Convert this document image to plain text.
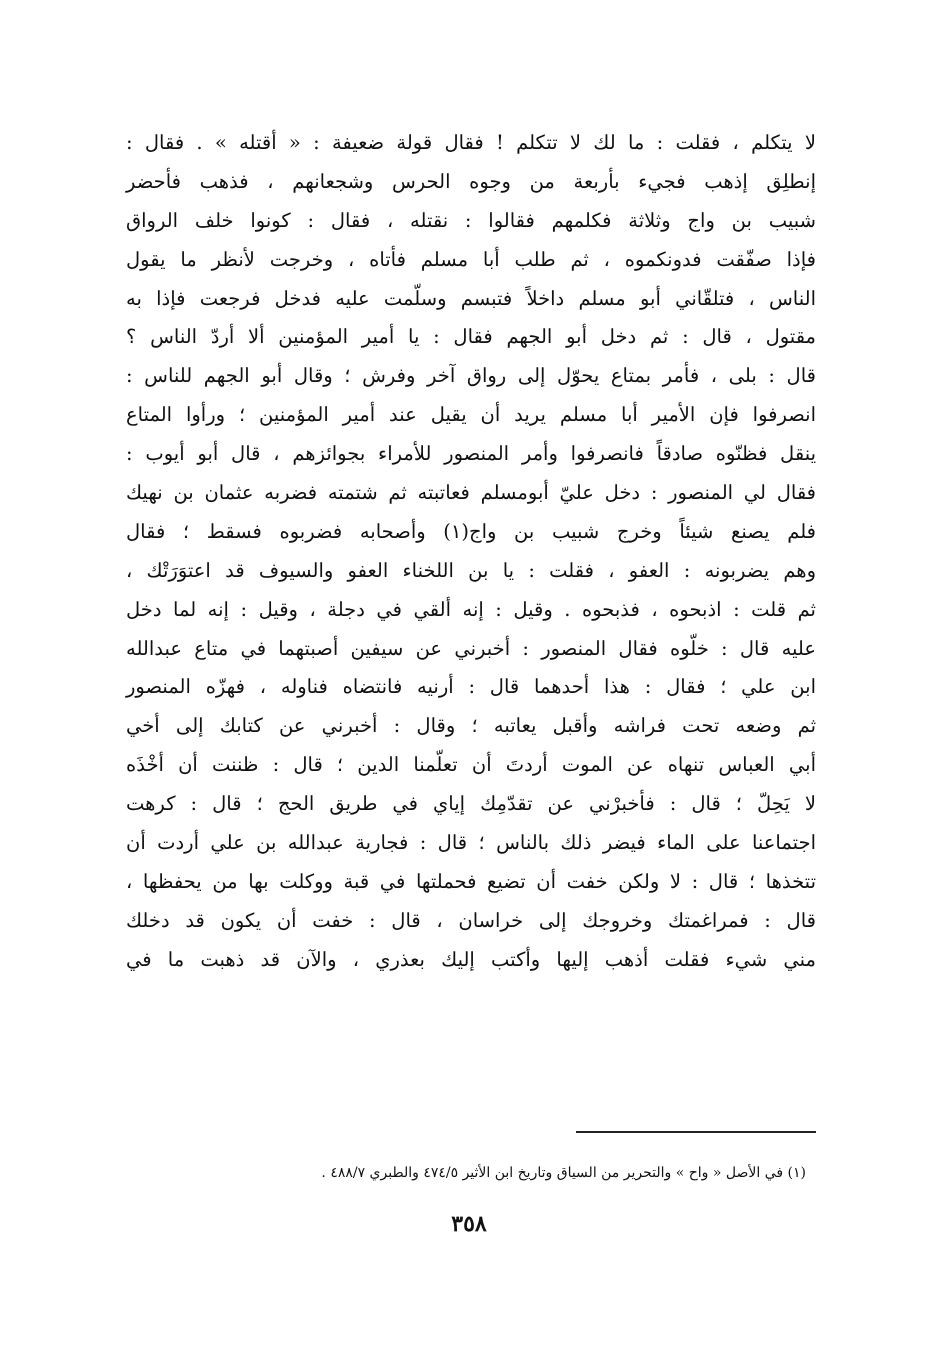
لا يتكلم ، فقلت : ما لك لا تتكلم ! فقال قولة ضعيفة : « أقتله » . فقال :
إنطلِق إذهب فجيء بأربعة من وجوه الحرس وشجعانهم ، فذهب فأحضر
شبيب بن واج وثلاثة فكلمهم فقالوا : نقتله ، فقال : كونوا خلف الرواق
فإذا صفّقت فدونكموه ، ثم طلب أبا مسلم فأتاه ، وخرجت لأنظر ما يقول
الناس ، فتلقّاني أبو مسلم داخلاً فتبسم وسلّمت عليه فدخل فرجعت فإذا به
مقتول ، قال : ثم دخل أبو الجهم فقال : يا أمير المؤمنين ألا أردّ الناس ؟
قال : بلى ، فأمر بمتاع يحوّل إلى رواق آخر وفرش ؛ وقال أبو الجهم للناس :
انصرفوا فإن الأمير أبا مسلم يريد أن يقيل عند أمير المؤمنين ؛ ورأوا المتاع
ينقل فظنّوه صادقاً فانصرفوا وأمر المنصور للأمراء بجوائزهم ، قال أبو أيوب :
فقال لي المنصور : دخل عليّ أبومسلم فعاتبته ثم شتمته فضربه عثمان بن نهيك
فلم يصنع شيئاً وخرج شبيب بن واج(١) وأصحابه فضربوه فسقط ؛ فقال
وهم يضربونه : العفو ، فقلت : يا بن اللخناء العفو والسيوف قد اعتوَرَتْك ،
ثم قلت : اذبحوه ، فذبحوه . وقيل : إنه ألقي في دجلة ، وقيل : إنه لما دخل
عليه قال : خلّوه فقال المنصور : أخبرني عن سيفين أصبتهما في متاع عبدالله
ابن علي ؛ فقال : هذا أحدهما قال : أرنيه فانتضاه فناوله ، فهزّه المنصور
ثم وضعه تحت فراشه وأقبل يعاتبه ؛ وقال : أخبرني عن كتابك إلى أخي
أبي العباس تنهاه عن الموت أردتَ أن تعلّمنا الدين ؛ قال : ظننت أن أخْذَه
لا يَحِلّ ؛ قال : فأخبرْني عن تقدّمِك إياي في طريق الحج ؛ قال : كرهت
اجتماعنا على الماء فيضر ذلك بالناس ؛ قال : فجارية عبدالله بن علي أردت أن
تتخذها ؛ قال : لا ولكن خفت أن تضيع فحملتها في قبة ووكلت بها من يحفظها ،
قال : فمراغمتك وخروجك إلى خراسان ، قال : خفت أن يكون قد دخلك
مني شيء فقلت أذهب إليها وأكتب إليك بعذري ، والآن قد ذهبت ما في
(١) في الأصل « واح » والتحرير من السياق وتاريخ ابن الأثير ٤٧٤/٥ والطبري ٤٨٨/٧ .
٣٥٨
